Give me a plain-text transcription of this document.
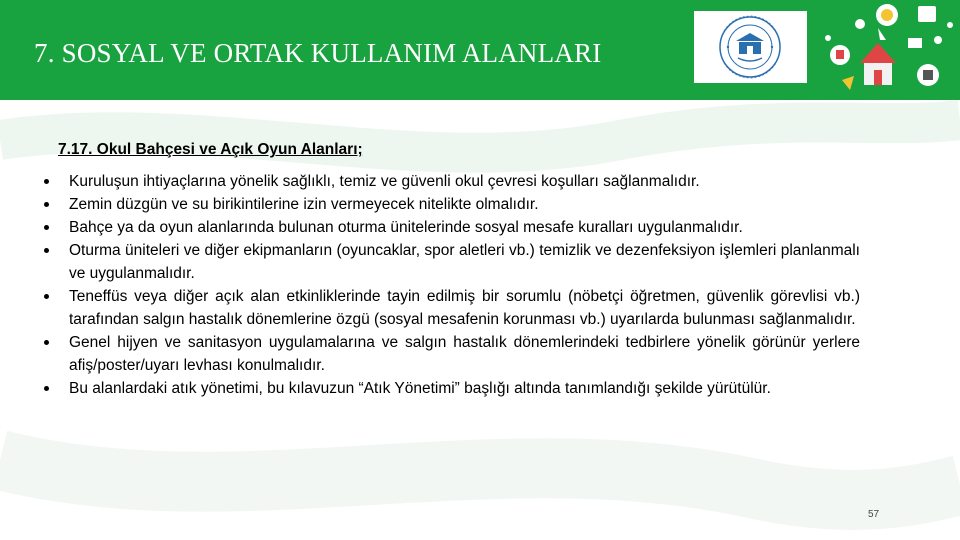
7. SOSYAL VE ORTAK KULLANIM ALANLARI
7.17. Okul Bahçesi ve Açık Oyun Alanları;
Kuruluşun ihtiyaçlarına yönelik sağlıklı, temiz ve güvenli okul çevresi koşulları sağlanmalıdır.
Zemin düzgün ve su birikintilerine izin vermeyecek nitelikte olmalıdır.
Bahçe ya da oyun alanlarında bulunan oturma ünitelerinde sosyal mesafe kuralları uygulanmalıdır.
Oturma üniteleri ve diğer ekipmanların (oyuncaklar, spor aletleri vb.) temizlik ve dezenfeksiyon işlemleri planlanmalı ve uygulanmalıdır.
Teneffüs veya diğer açık alan etkinliklerinde tayin edilmiş bir sorumlu (nöbetçi öğretmen, güvenlik görevlisi vb.) tarafından salgın hastalık dönemlerine özgü (sosyal mesafenin korunması vb.) uyarılarda bulunması sağlanmalıdır.
Genel hijyen ve sanitasyon uygulamalarına ve salgın hastalık dönemlerindeki tedbirlere yönelik görünür yerlere afiş/poster/uyarı levhası konulmalıdır.
Bu alanlardaki atık yönetimi, bu kılavuzun “Atık Yönetimi” başlığı altında tanımlandığı şekilde yürütülür.
57
